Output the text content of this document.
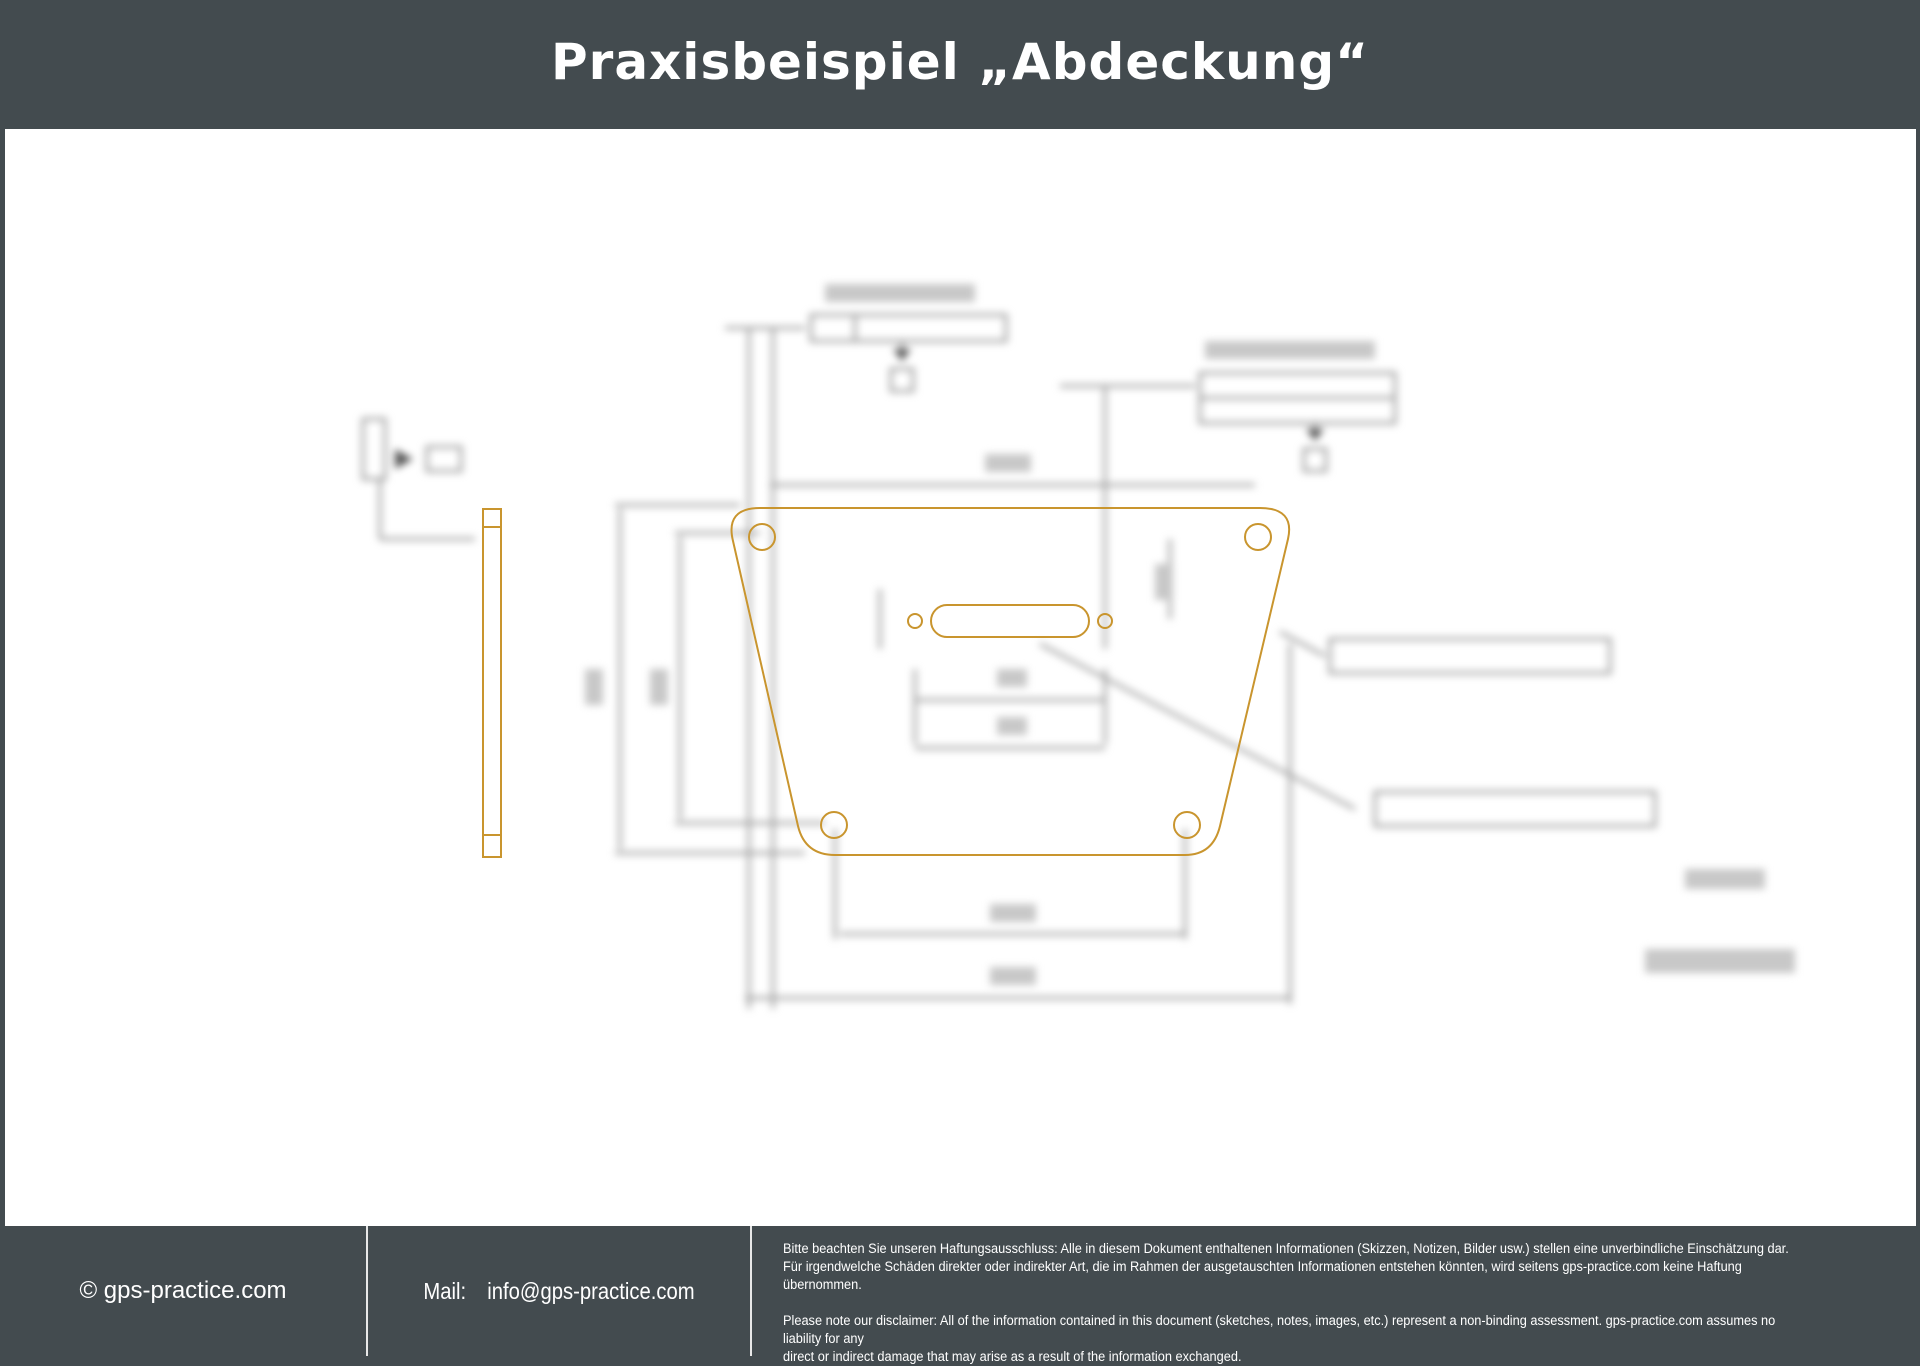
Praxisbeispiel „Abdeckung“
© gps-practice.com	Mail: info@gps-practice.com

Bitte beachten Sie unseren Haftungsausschluss: Alle in diesem Dokument enthaltenen Informationen (Skizzen, Notizen, Bilder usw.) stellen eine unverbindliche Einschätzung dar.

Für irgendwelche Schäden direkter oder indirekter Art, die im Rahmen der ausgetauschten Informationen entstehen könnten, wird seitens gps-practice.com keine Haftung übernommen.

Please note our disclaimer: All of the information contained in this document (sketches, notes, images, etc.) represent a non-binding assessment. gps-practice.com assumes no liability for any

direct or indirect damage that may arise as a result of the information exchanged.
